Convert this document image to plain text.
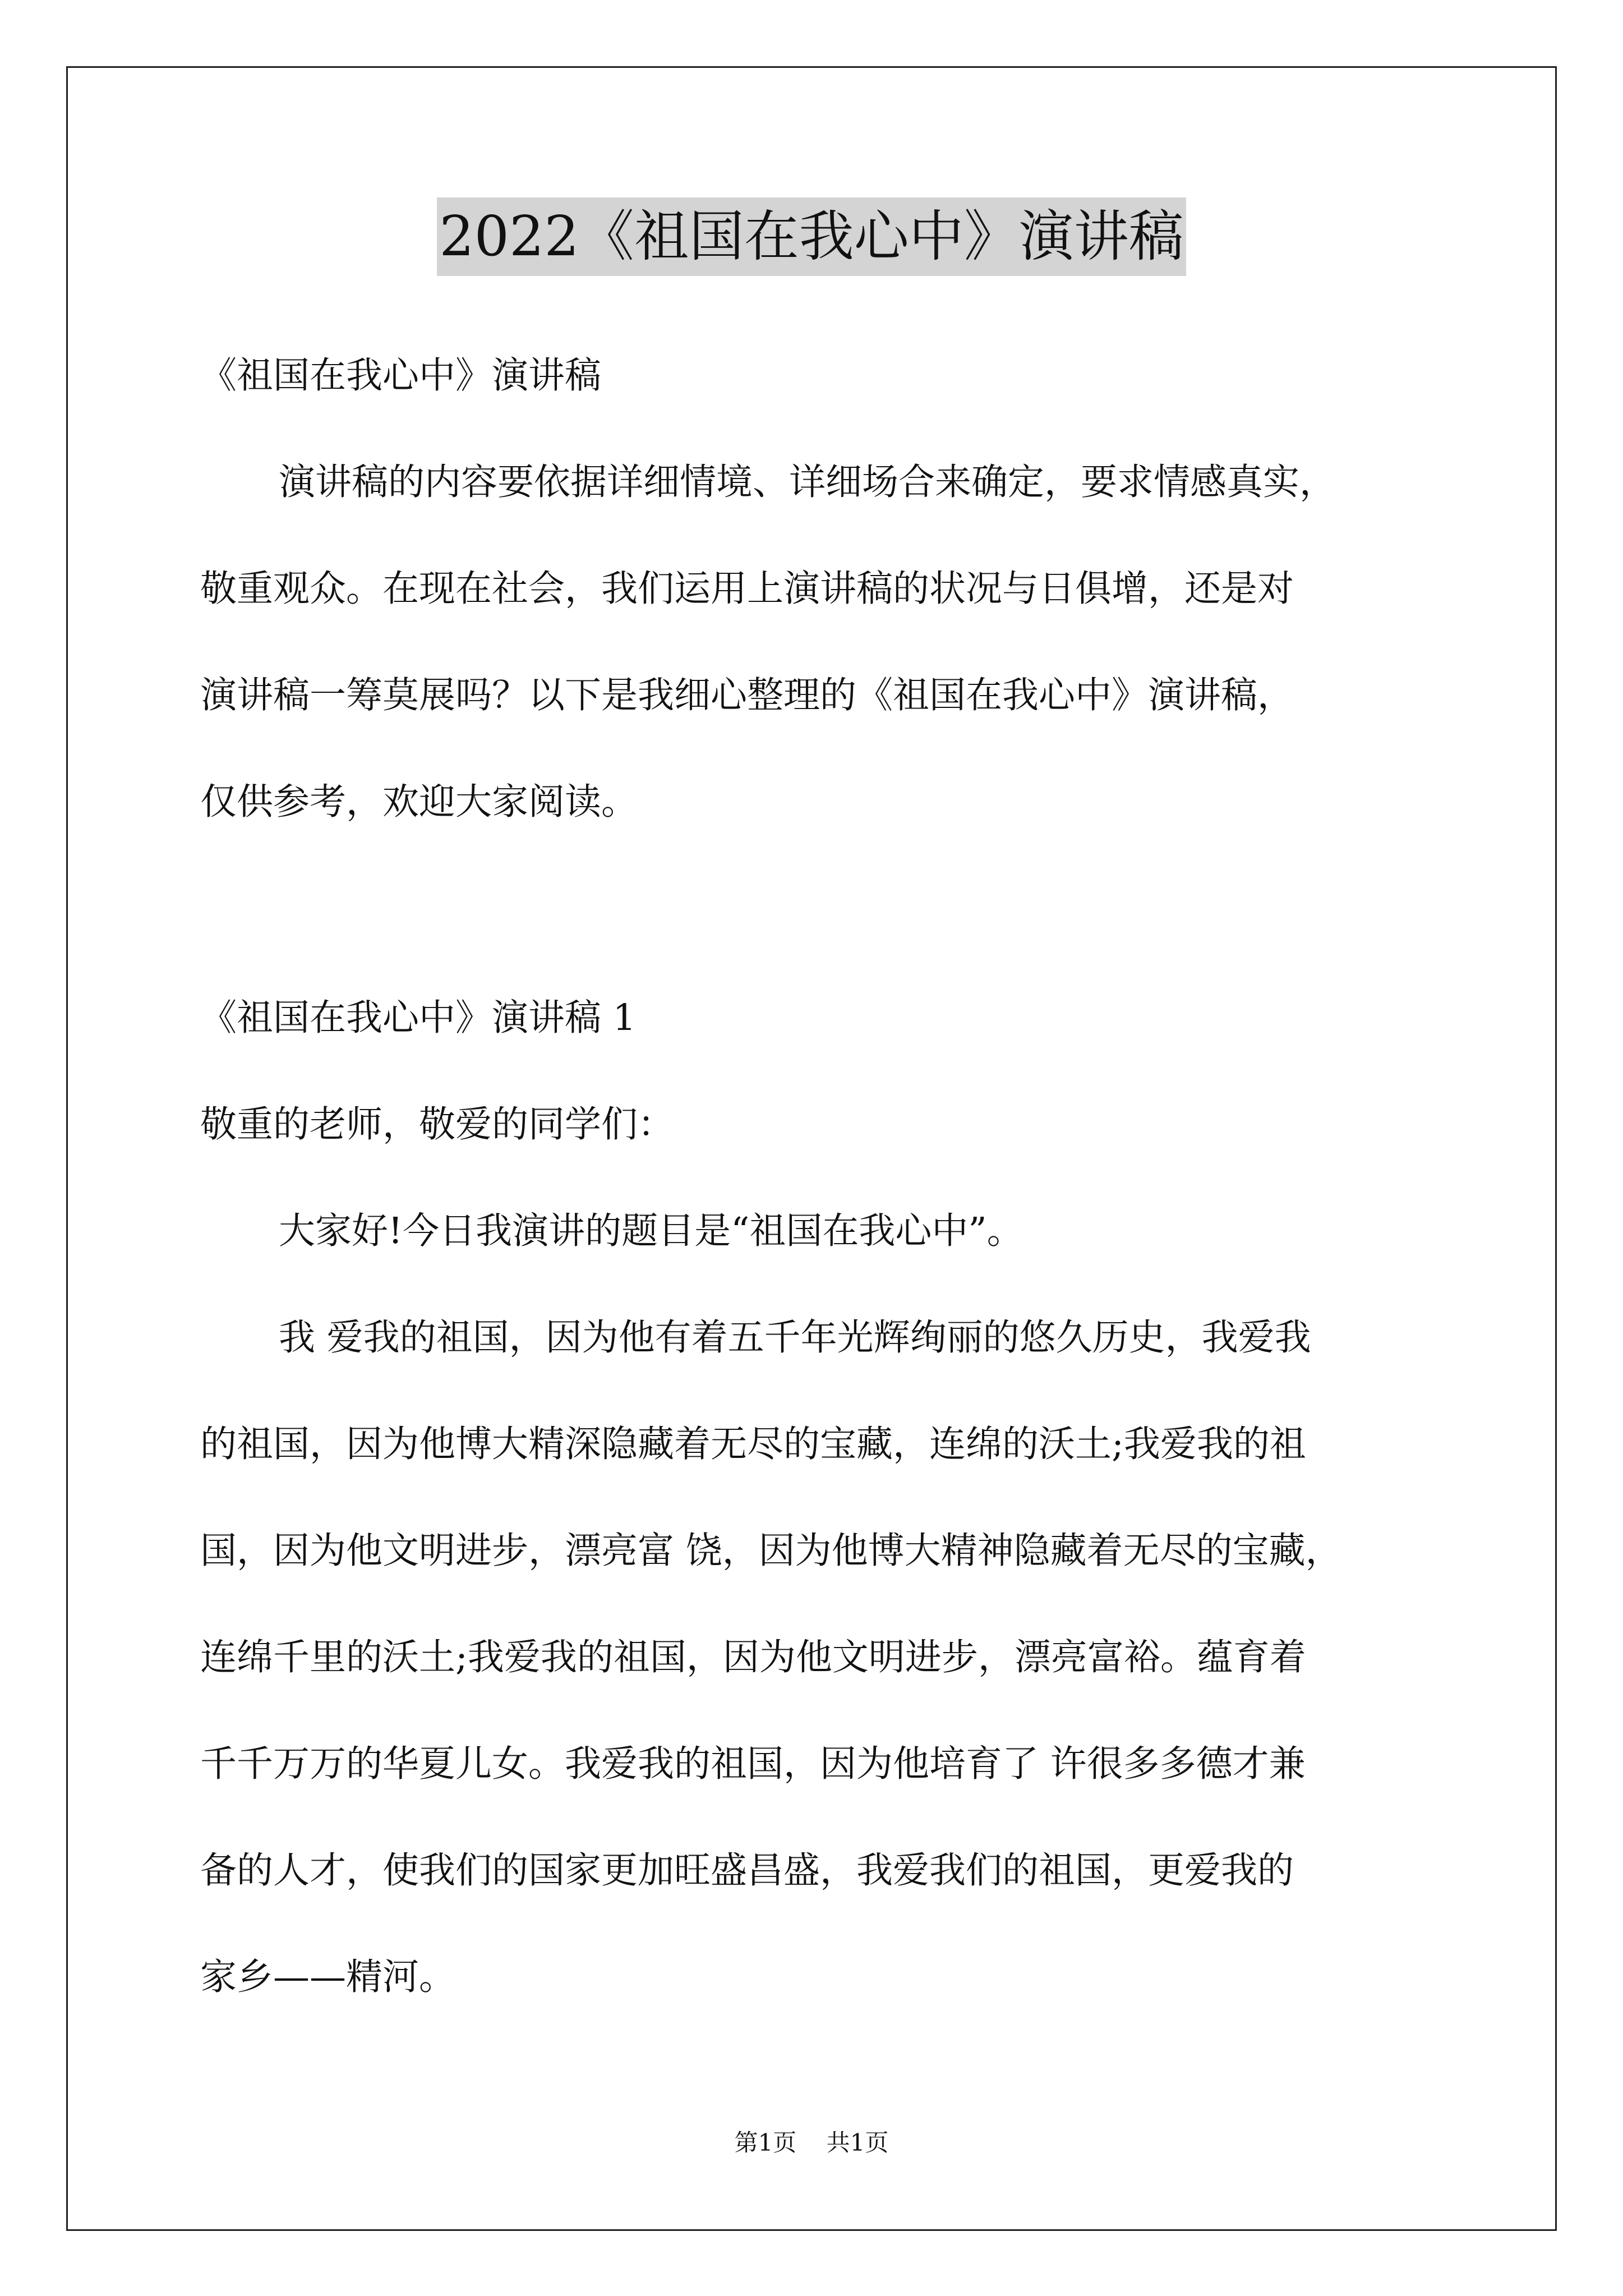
2022《祖国在我心中》演讲稿
《祖国在我心中》演讲稿
演讲稿的内容要依据详细情境、详细场合来确定，要求情感真实，
敬重观众。在现在社会，我们运用上演讲稿的状况与日俱增，还是对
演讲稿一筹莫展吗？以下是我细心整理的《祖国在我心中》演讲稿，
仅供参考，欢迎大家阅读。
《祖国在我心中》演讲稿 1
敬重的老师，敬爱的同学们：
大家好!今日我演讲的题目是“祖国在我心中”。
我 爱我的祖国，因为他有着五千年光辉绚丽的悠久历史，我爱我
的祖国，因为他博大精深隐藏着无尽的宝藏，连绵的沃土;我爱我的祖
国，因为他文明进步，漂亮富 饶，因为他博大精神隐藏着无尽的宝藏，
连绵千里的沃土;我爱我的祖国，因为他文明进步，漂亮富裕。蕴育着
千千万万的华夏儿女。我爱我的祖国，因为他培育了 许很多多德才兼
备的人才，使我们的国家更加旺盛昌盛，我爱我们的祖国，更爱我的
家乡——精河。
第1页    共1页
